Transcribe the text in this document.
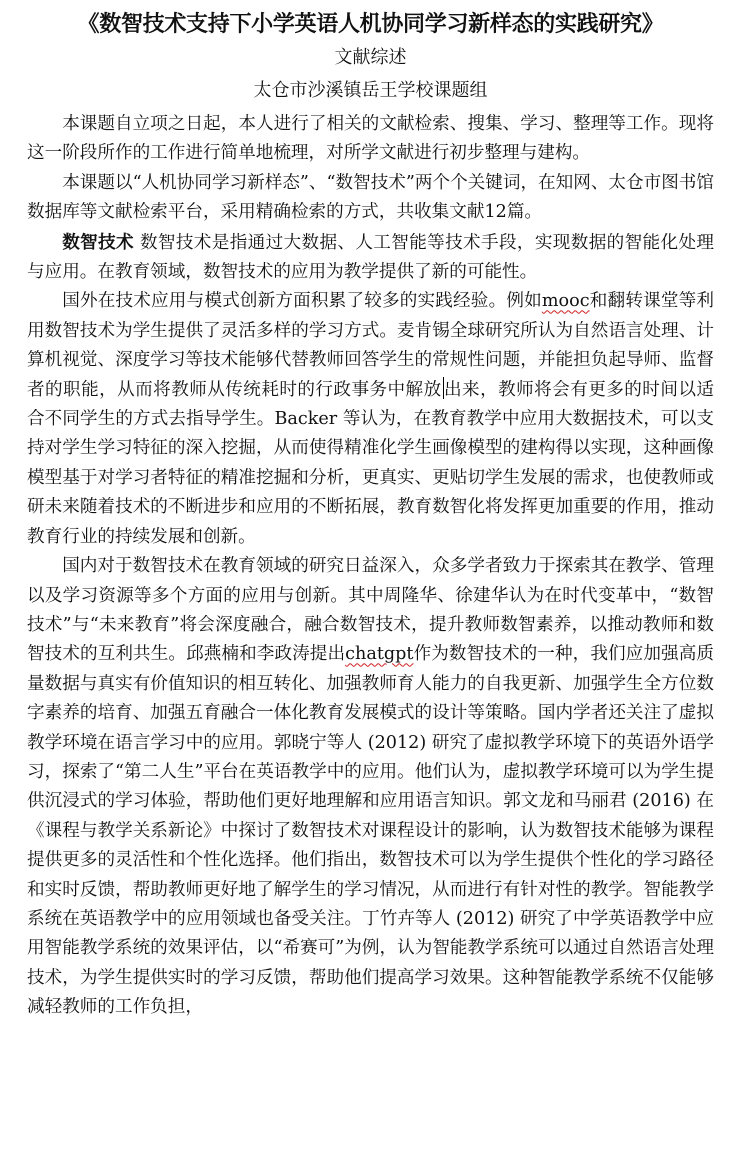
《数智技术支持下小学英语人机协同学习新样态的实践研究》

文献综述

太仓市沙溪镇岳王学校课题组

本课题自立项之日起，本人进行了相关的文献检索、搜集、学习、整理等工作。现将这一阶段所作的工作进行简单地梳理，对所学文献进行初步整理与建构。

本课题以“人机协同学习新样态”、“数智技术”两个个关键词，在知网、太仓市图书馆数据库等文献检索平台，采用精确检索的方式，共收集文献12篇。

数智技术 数智技术是指通过大数据、人工智能等技术手段，实现数据的智能化处理与应用。在教育领域，数智技术的应用为教学提供了新的可能性。

国外在技术应用与模式创新方面积累了较多的实践经验。例如mooc和翻转课堂等利用数智技术为学生提供了灵活多样的学习方式。麦肯锡全球研究所认为自然语言处理、计算机视觉、深度学习等技术能够代替教师回答学生的常规性问题，并能担负起导师、监督者的职能，从而将教师从传统耗时的行政事务中解放 出来，教师将会有更多的时间以适合不同学生的方式去指导学生。Backer 等认为，在教育教学中应用大数据技术，可以支持对学生学习特征的深入挖掘，从而使得精准化学生画像模型的建构得以实现，这种画像模型基于对学习者特征的精准挖掘和分析，更真实、更贴切学生发展的需求，也使教师或研未来随着技术的不断进步和应用的不断拓展，教育数智化将发挥更加重要的作用，推动教育行业的持续发展和创新。

国内对于数智技术在教育领域的研究日益深入，众多学者致力于探索其在教学、管理以及学习资源等多个方面的应用与创新。其中周隆华、徐建华认为在时代变革中，“数智技术”与“未来教育”将会深度融合，融合数智技术，提升教师数智素养，以推动教师和数智技术的互利共生。邱燕楠和李政涛提出chatgpt作为数智技术的一种，我们应加强高质量数据与真实有价值知识的相互转化、加强教师育人能力的自我更新、加强学生全方位数字素养的培育、加强五育融合一体化教育发展模式的设计等策略。国内学者还关注了虚拟教学环境在语言学习中的应用。郭晓宁等人 (2012) 研究了虚拟教学环境下的英语外语学习，探索了“第二人生”平台在英语教学中的应用。他们认为，虚拟教学环境可以为学生提供沉浸式的学习体验，帮助他们更好地理解和应用语言知识。郭文龙和马丽君 (2016) 在《课程与教学关系新论》中探讨了数智技术对课程设计的影响，认为数智技术能够为课程提供更多的灵活性和个性化选择。他们指出，数智技术可以为学生提供个性化的学习路径和实时反馈，帮助教师更好地了解学生的学习情况，从而进行有针对性的教学。智能教学系统在英语教学中的应用领域也备受关注。丁竹卉等人 (2012) 研究了中学英语教学中应用智能教学系统的效果评估，以“希赛可”为例，认为智能教学系统可以通过自然语言处理技术，为学生提供实时的学习反馈，帮助他们提高学习效果。这种智能教学系统不仅能够减轻教师的工作负担，
